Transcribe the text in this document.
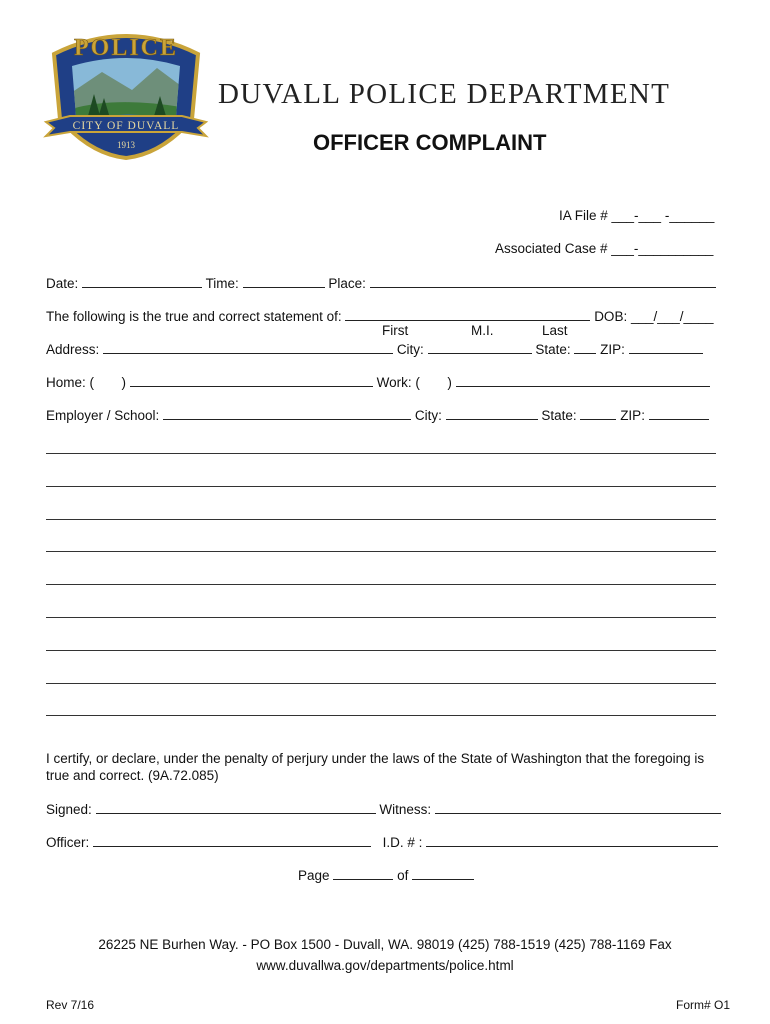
POLICE
CITY OF DUVALL
1913
DUVALL POLICE DEPARTMENT
OFFICER COMPLAINT
IA File # ___-___ -______
Associated Case # ___-__________
Date:	Time:	Place:
The following is the true and correct statement of:	DOB: ___/___/____
First	M.I.	Last
Address:	City:	State: ZIP:
Home: ( )	Work: ( )
Employer / School:	City:	State:	ZIP:
I certify, or declare, under the penalty of perjury under the laws of the State of Washington that the foregoing is
true and correct. (9A.72.085)
Signed:	Witness:
Officer:	I.D. # :
Page	of
26225 NE Burhen Way. - PO Box 1500 - Duvall, WA. 98019 (425) 788-1519 (425) 788-1169 Fax
www.duvallwa.gov/departments/police.html
Rev 7/16	Form# O1
